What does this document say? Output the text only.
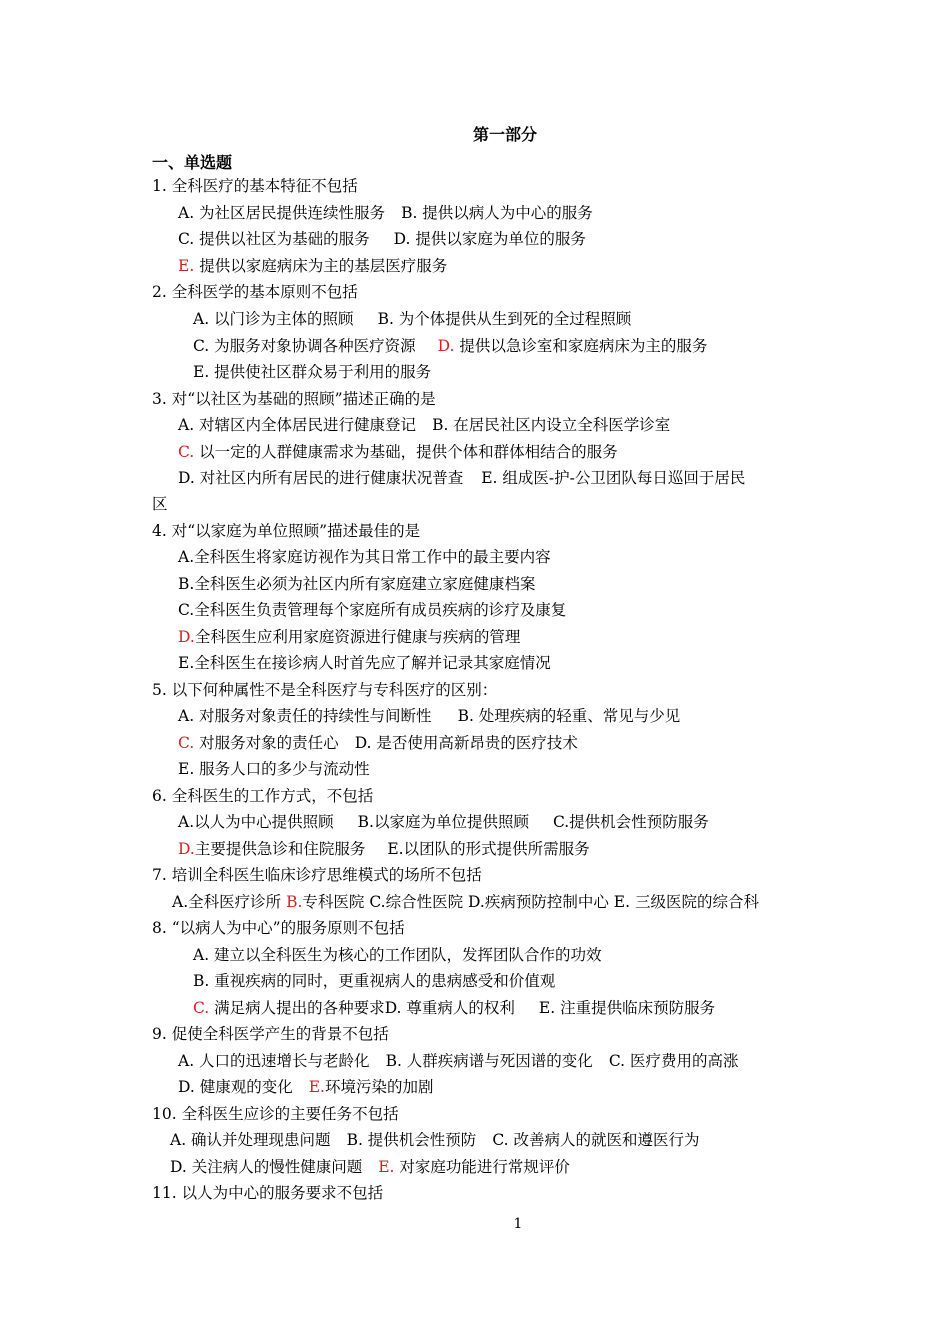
第一部分
一、单选题
1. 全科医疗的基本特征不包括
A. 为社区居民提供连续性服务 B. 提供以病人为中心的服务
C. 提供以社区为基础的服务 D. 提供以家庭为单位的服务
E. 提供以家庭病床为主的基层医疗服务
2. 全科医学的基本原则不包括
A. 以门诊为主体的照顾 B. 为个体提供从生到死的全过程照顾
C. 为服务对象协调各种医疗资源 D. 提供以急诊室和家庭病床为主的服务
E. 提供使社区群众易于利用的服务
3. 对“以社区为基础的照顾”描述正确的是
A. 对辖区内全体居民进行健康登记 B. 在居民社区内设立全科医学诊室
C. 以一定的人群健康需求为基础，提供个体和群体相结合的服务
D. 对社区内所有居民的进行健康状况普查 E. 组成医-护-公卫团队每日巡回于居民
区
4. 对“以家庭为单位照顾”描述最佳的是
A.全科医生将家庭访视作为其日常工作中的最主要内容
B.全科医生必须为社区内所有家庭建立家庭健康档案
C.全科医生负责管理每个家庭所有成员疾病的诊疗及康复
D.全科医生应利用家庭资源进行健康与疾病的管理
E.全科医生在接诊病人时首先应了解并记录其家庭情况
5. 以下何种属性不是全科医疗与专科医疗的区别：
A. 对服务对象责任的持续性与间断性 B. 处理疾病的轻重、常见与少见
C. 对服务对象的责任心 D. 是否使用高新昂贵的医疗技术
E. 服务人口的多少与流动性
6. 全科医生的工作方式，不包括
A.以人为中心提供照顾 B.以家庭为单位提供照顾 C.提供机会性预防服务
D.主要提供急诊和住院服务 E.以团队的形式提供所需服务
7. 培训全科医生临床诊疗思维模式的场所不包括
A.全科医疗诊所 B.专科医院 C.综合性医院 D.疾病预防控制中心 E. 三级医院的综合科
8. “以病人为中心”的服务原则不包括
A. 建立以全科医生为核心的工作团队，发挥团队合作的功效
B. 重视疾病的同时，更重视病人的患病感受和价值观
C. 满足病人提出的各种要求D. 尊重病人的权利 E. 注重提供临床预防服务
9. 促使全科医学产生的背景不包括
A. 人口的迅速增长与老龄化 B. 人群疾病谱与死因谱的变化 C. 医疗费用的高涨
D. 健康观的变化 E.环境污染的加剧
10. 全科医生应诊的主要任务不包括
A. 确认并处理现患问题 B. 提供机会性预防 C. 改善病人的就医和遵医行为
D. 关注病人的慢性健康问题 E. 对家庭功能进行常规评价
11. 以人为中心的服务要求不包括
1
